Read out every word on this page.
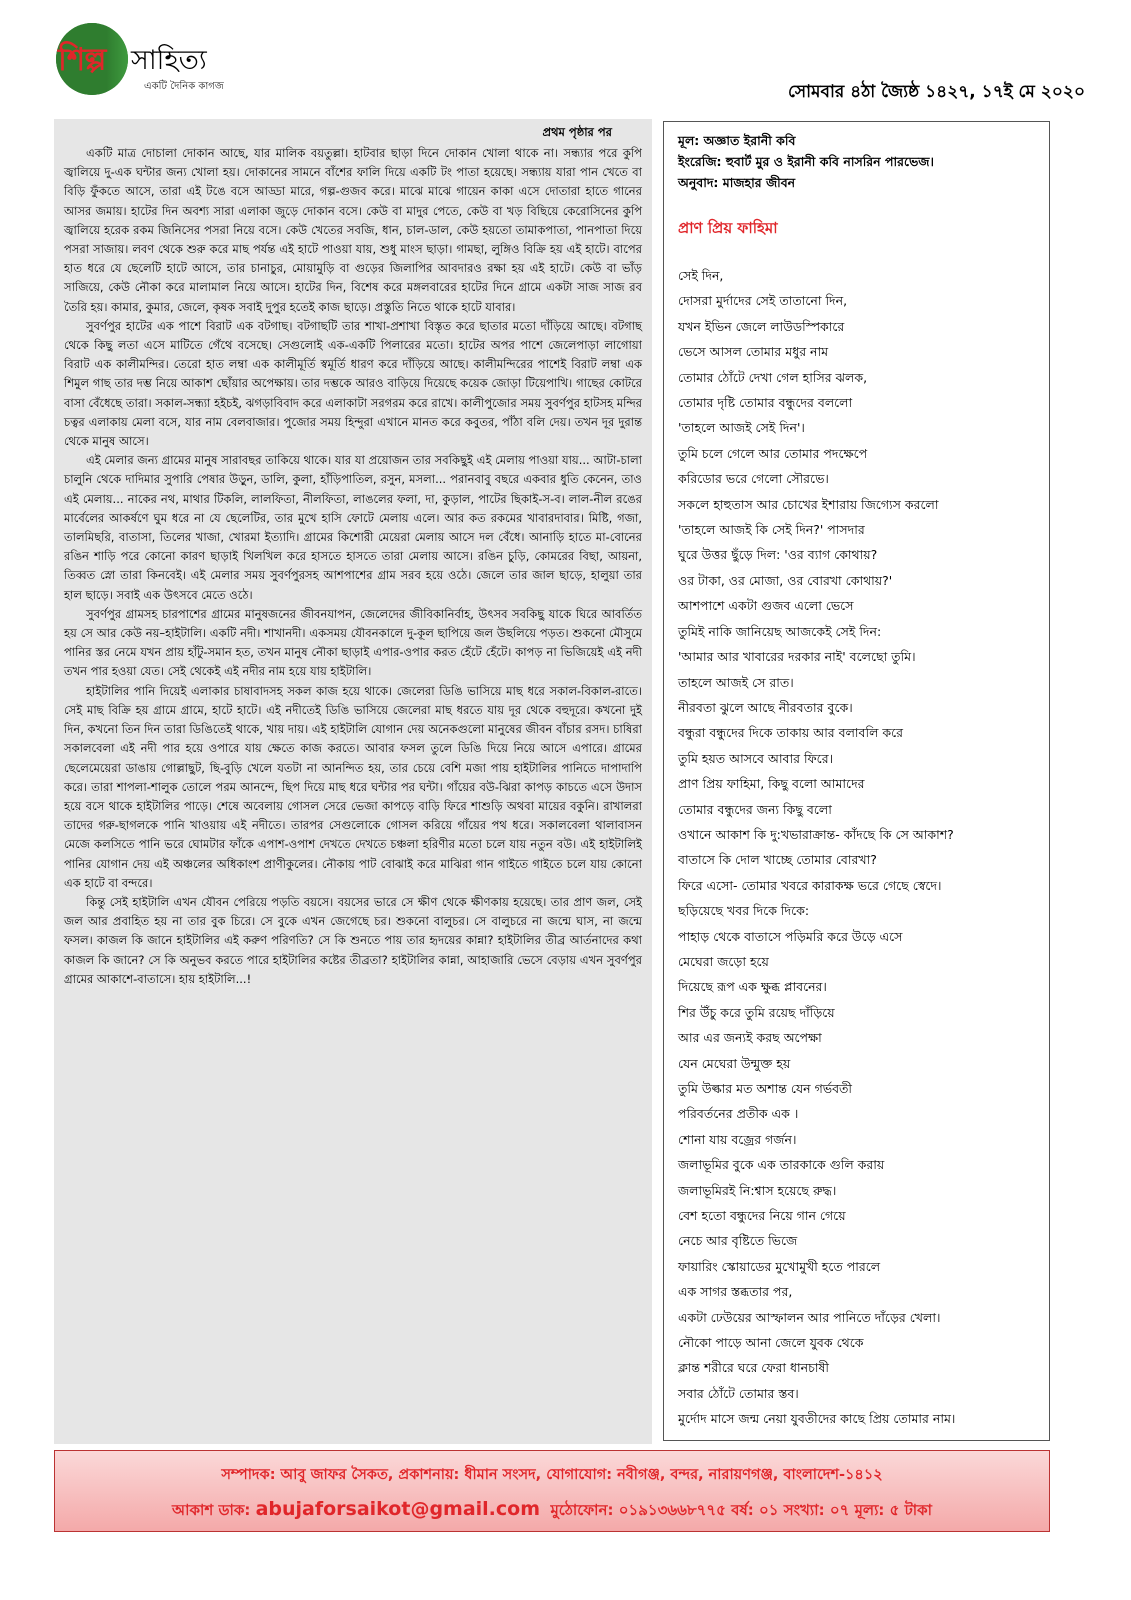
শিল্প সাহিত্য
একটি দৈনিক কাগজ	সোমবার ৪ঠা জ্যৈষ্ঠ ১৪২৭, ১৭ই মে ২০২০
প্রথম পৃষ্ঠার পর

একটি মাত্র দোচালা দোকান আছে, যার মালিক বয়তুল্লা। হাটবার ছাড়া দিনে দোকান খোলা থাকে না। সন্ধ্যার পরে কুপি জ্বালিয়ে দু-এক ঘন্টার জন্য খোলা হয়। দোকানের সামনে বাঁশের ফালি দিয়ে একটি টং পাতা হয়েছে। সন্ধ্যায় যারা পান খেতে বা বিড়ি ফুঁকতে আসে, তারা এই টঙে বসে আড্ডা মারে, গল্প-গুজব করে। মাঝে মাঝে গায়েন কাকা এসে দোতারা হাতে গানের আসর জমায়। হাটের দিন অবশ্য সারা এলাকা জুড়ে দোকান বসে। কেউ বা মাদুর পেতে, কেউ বা খড় বিছিয়ে কেরোসিনের কুপি জ্বালিয়ে হরেক রকম জিনিসের পসরা নিয়ে বসে। কেউ খেতের সবজি, ধান, চাল-ডাল, কেউ হয়তো তামাকপাতা, পানপাতা দিয়ে পসরা সাজায়। লবণ থেকে শুরু করে মাছ পর্যন্ত এই হাটে পাওয়া যায়, শুধু মাংস ছাড়া। গামছা, লুঙ্গিও বিক্রি হয় এই হাটে। বাপের হাত ধরে যে ছেলেটি হাটে আসে, তার চানাচুর, মোয়ামুড়ি বা গুড়ের জিলাপির আবদারও রক্ষা হয় এই হাটে। কেউ বা ভাঁড় সাজিয়ে, কেউ নৌকা করে মালামাল নিয়ে আসে। হাটের দিন, বিশেষ করে মঙ্গলবারের হাটের দিনে গ্রামে একটা সাজ সাজ রব তৈরি হয়। কামার, কুমার, জেলে, কৃষক সবাই দুপুর হতেই কাজ ছাড়ে। প্রস্তুতি নিতে থাকে হাটে যাবার।

সুবর্ণপুর হাটের এক পাশে বিরাট এক বটগাছ। বটগাছটি তার শাখা-প্রশাখা বিস্তৃত করে ছাতার মতো দাঁড়িয়ে আছে। বটগাছ থেকে কিছু লতা এসে মাটিতে গেঁথে বসেছে। সেগুলোই এক-একটি পিলারের মতো। হাটের অপর পাশে জেলেপাড়া লাগোয়া বিরাট এক কালীমন্দির। তেরো হাত লম্বা এক কালীমূর্তি স্বমূর্তি ধারণ করে দাঁড়িয়ে আছে। কালীমন্দিরের পাশেই বিরাট লম্বা এক শিমুল গাছ তার দম্ভ নিয়ে আকাশ ছোঁয়ার অপেক্ষায়। তার দম্ভকে আরও বাড়িয়ে দিয়েছে কয়েক জোড়া টিয়েপাখি। গাছের কোটরে বাসা বেঁধেছে তারা। সকাল-সন্ধ্যা হইচই, ঝগড়াবিবাদ করে এলাকাটা সরগরম করে রাখে। কালীপুজোর সময় সুবর্ণপুর হাটসহ মন্দির চত্বর এলাকায় মেলা বসে, যার নাম বেলবাজার। পুজোর সময় হিন্দুরা এখানে মানত করে কবুতর, পাঁঠা বলি দেয়। তখন দূর দুরান্ত থেকে মানুষ আসে।

এই মেলার জন্য গ্রামের মানুষ সারাবছর তাকিয়ে থাকে। যার যা প্রয়োজন তার সবকিছুই এই মেলায় পাওয়া যায়... আটা-চালা চালুনি থেকে দাদিমার সুপারি পেষার উড়ুন, ডালি, কুলা, হাঁড়িপাতিল, রসুন, মসলা... পরানবাবু বছরে একবার ধুতি কেনেন, তাও এই মেলায়... নাকের নথ, মাথার টিকলি, লালফিতা, নীলফিতা, লাঙলের ফলা, দা, কুড়াল, পাটের ছিকাই-স-ব। লাল-নীল রঙের মার্বেলের আকর্ষণে ঘুম ধরে না যে ছেলেটির, তার মুখে হাসি ফোটে মেলায় এলে। আর কত রকমের খাবারদাবার। মিষ্টি, গজা, তালমিছরি, বাতাসা, তিলের খাজা, খোরমা ইত্যাদি। গ্রামের কিশোরী মেয়েরা মেলায় আসে দল বেঁধে। আনাড়ি হাতে মা-বোনের রঙিন শাড়ি পরে কোনো কারণ ছাড়াই খিলখিল করে হাসতে হাসতে তারা মেলায় আসে। রঙিন চুড়ি, কোমরের বিছা, আয়না, তিব্বত স্নো তারা কিনবেই। এই মেলার সময় সুবর্ণপুরসহ আশপাশের গ্রাম সরব হয়ে ওঠে। জেলে তার জাল ছাড়ে, হালুয়া তার হাল ছাড়ে। সবাই এক উৎসবে মেতে ওঠে।

সুবর্ণপুর গ্রামসহ চারপাশের গ্রামের মানুষজনের জীবনযাপন, জেলেদের জীবিকানির্বাহ, উৎসব সবকিছু যাকে ঘিরে আবর্তিত হয় সে আর কেউ নয়–হাইটালি। একটি নদী। শাখানদী। একসময় যৌবনকালে দু-কূল ছাপিয়ে জল উছলিয়ে পড়ত। শুকনো মৌসুমে পানির স্তর নেমে যখন প্রায় হাঁটু-সমান হত, তখন মানুষ নৌকা ছাড়াই এপার-ওপার করত হেঁটে হেঁটে। কাপড় না ভিজিয়েই এই নদী তখন পার হওয়া যেত। সেই থেকেই এই নদীর নাম হয়ে যায় হাইটালি।

হাইটালির পানি দিয়েই এলাকার চাষাবাদসহ সকল কাজ হয়ে থাকে। জেলেরা ডিঙি ভাসিয়ে মাছ ধরে সকাল-বিকাল-রাতে। সেই মাছ বিক্রি হয় গ্রামে গ্রামে, হাটে হাটে। এই নদীতেই ডিঙি ভাসিয়ে জেলেরা মাছ ধরতে যায় দূর থেকে বহুদূরে। কখনো দুই দিন, কখনো তিন দিন তারা ডিঙিতেই থাকে, খায় দায়। এই হাইটালি যোগান দেয় অনেকগুলো মানুষের জীবন বাঁচার রসদ। চাষিরা সকালবেলা এই নদী পার হয়ে ওপারে যায় ক্ষেতে কাজ করতে। আবার ফসল তুলে ডিঙি দিয়ে নিয়ে আসে এপারে। গ্রামের ছেলেমেয়েরা ডাঙায় গোল্লাছুট, ছি-বুড়ি খেলে যতটা না আনন্দিত হয়, তার চেয়ে বেশি মজা পায় হাইটালির পানিতে দাপাদাপি করে। তারা শাপলা-শালুক তোলে পরম আনন্দে, ছিপ দিয়ে মাছ ধরে ঘন্টার পর ঘন্টা। গাঁয়ের বউ-ঝিরা কাপড় কাচতে এসে উদাস হয়ে বসে থাকে হাইটালির পাড়ে। শেষে অবেলায় গোসল সেরে ভেজা কাপড়ে বাড়ি ফিরে শাশুড়ি অথবা মায়ের বকুনি। রাখালরা তাদের গরু-ছাগলকে পানি খাওয়ায় এই নদীতে। তারপর সেগুলোকে গোসল করিয়ে গাঁয়ের পথ ধরে। সকালবেলা থালাবাসন মেজে কলসিতে পানি ভরে ঘোমটার ফাঁকে এপাশ-ওপাশ দেখতে দেখতে চঞ্চলা হরিণীর মতো চলে যায় নতুন বউ। এই হাইটালিই পানির যোগান দেয় এই অঞ্চলের অধিকাংশ প্রাণীকুলের। নৌকায় পাট বোঝাই করে মাঝিরা গান গাইতে গাইতে চলে যায় কোনো এক হাটে বা বন্দরে।

কিন্তু সেই হাইটালি এখন যৌবন পেরিয়ে পড়তি বয়সে। বয়সের ভারে সে ক্ষীণ থেকে ক্ষীণকায় হয়েছে। তার প্রাণ জল, সেই জল আর প্রবাহিত হয় না তার বুক চিরে। সে বুকে এখন জেগেছে চর। শুকনো বালুচর। সে বালুচরে না জন্মে ঘাস, না জন্মে ফসল। কাজল কি জানে হাইটালির এই করুণ পরিণতি? সে কি শুনতে পায় তার হৃদয়ের কান্না? হাইটালির তীব্র আর্তনাদের কথা কাজল কি জানে? সে কি অনুভব করতে পারে হাইটালির কষ্টের তীব্রতা? হাইটালির কান্না, আহাজারি ভেসে বেড়ায় এখন সুবর্ণপুর গ্রামের আকাশে-বাতাসে। হায় হাইটালি...!

মূল: অজ্ঞাত ইরানী কবি
ইংরেজি: হুবার্ট মুর ও ইরানী কবি নাসরিন পারভেজ।
অনুবাদ: মাজহার জীবন
প্রাণ প্রিয় ফাহিমা
সেই দিন,
দোসরা মুর্দাদের সেই তাতানো দিন,
যখন ইভিন জেলে লাউডস্পিকারে
ভেসে আসল তোমার মধুর নাম
তোমার ঠোঁটে দেখা গেল হাসির ঝলক,
তোমার দৃষ্টি তোমার বন্ধুদের বললো
'তাহলে আজই সেই দিন'।
তুমি চলে গেলে আর তোমার পদক্ষেপে
করিডোর ভরে গেলো সৌরভে।
সকলে হাহুতাস আর চোখের ইশারায় জিগ্যেস করলো
'তাহলে আজই কি সেই দিন?' পাসদার
ঘুরে উত্তর ছুঁড়ে দিল: 'ওর ব্যাগ কোথায়?
ওর টাকা, ওর মোজা, ওর বোরখা কোথায়?'
আশপাশে একটা গুজব এলো ভেসে
তুমিই নাকি জানিয়েছ আজকেই সেই দিন:
'আমার আর খাবারের দরকার নাই' বলেছো তুমি।
তাহলে আজই সে রাত।
নীরবতা ঝুলে আছে নীরবতার বুকে।
বন্ধুরা বন্ধুদের দিকে তাকায় আর বলাবলি করে
তুমি হয়ত আসবে আবার ফিরে।
প্রাণ প্রিয় ফাহিমা, কিছু বলো আমাদের
তোমার বন্ধুদের জন্য কিছু বলো
ওখানে আকাশ কি দু:খভারাক্রান্ত- কাঁদছে কি সে আকাশ?
বাতাসে কি দোল খাচ্ছে তোমার বোরখা?
ফিরে এসো- তোমার খবরে কারাকক্ষ ভরে গেছে স্বেদে।
ছড়িয়েছে খবর দিকে দিকে:
পাহাড় থেকে বাতাসে পড়িমরি করে উড়ে এসে
মেঘেরা জড়ো হয়ে
দিয়েছে রূপ এক ক্ষুব্ধ প্লাবনের।
শির উঁচু করে তুমি রয়েছ দাঁড়িয়ে
আর এর জন্যই করছ অপেক্ষা
যেন মেঘেরা উন্মুক্ত হয়
তুমি উল্কার মত অশান্ত যেন গর্ভবতী
পরিবর্তনের প্রতীক এক ।
শোনা যায় বজ্রের গর্জন।
জলাভূমির বুকে এক তারকাকে গুলি করায়
জলাভূমিরই নি:শ্বাস হয়েছে রুদ্ধ।
বেশ হতো বন্ধুদের নিয়ে গান গেয়ে
নেচে আর বৃষ্টিতে ভিজে
ফায়ারিং স্কোয়াডের মুখোমুখী হতে পারলে
এক সাগর স্তব্ধতার পর,
একটা ঢেউয়ের আস্ফালন আর পানিতে দাঁড়ের খেলা।
নৌকো পাড়ে আনা জেলে যুবক থেকে
ক্লান্ত শরীরে ঘরে ফেরা ধানচাষী
সবার ঠোঁটে তোমার স্তব।
মুর্দোদ মাসে জন্ম নেয়া যুবতীদের কাছে প্রিয় তোমার নাম।
সম্পাদক: আবু জাফর সৈকত, প্রকাশনায়: ধীমান সংসদ, যোগাযোগ: নবীগঞ্জ, বন্দর, নারায়ণগঞ্জ, বাংলাদেশ-১৪১২
আকাশ ডাক: abujaforsaikot@gmail.com মুঠোফোন: ০১৯১৩৬৬৮৭৭৫ বর্ষ: ০১ সংখ্যা: ০৭ মূল্য: ৫ টাকা
